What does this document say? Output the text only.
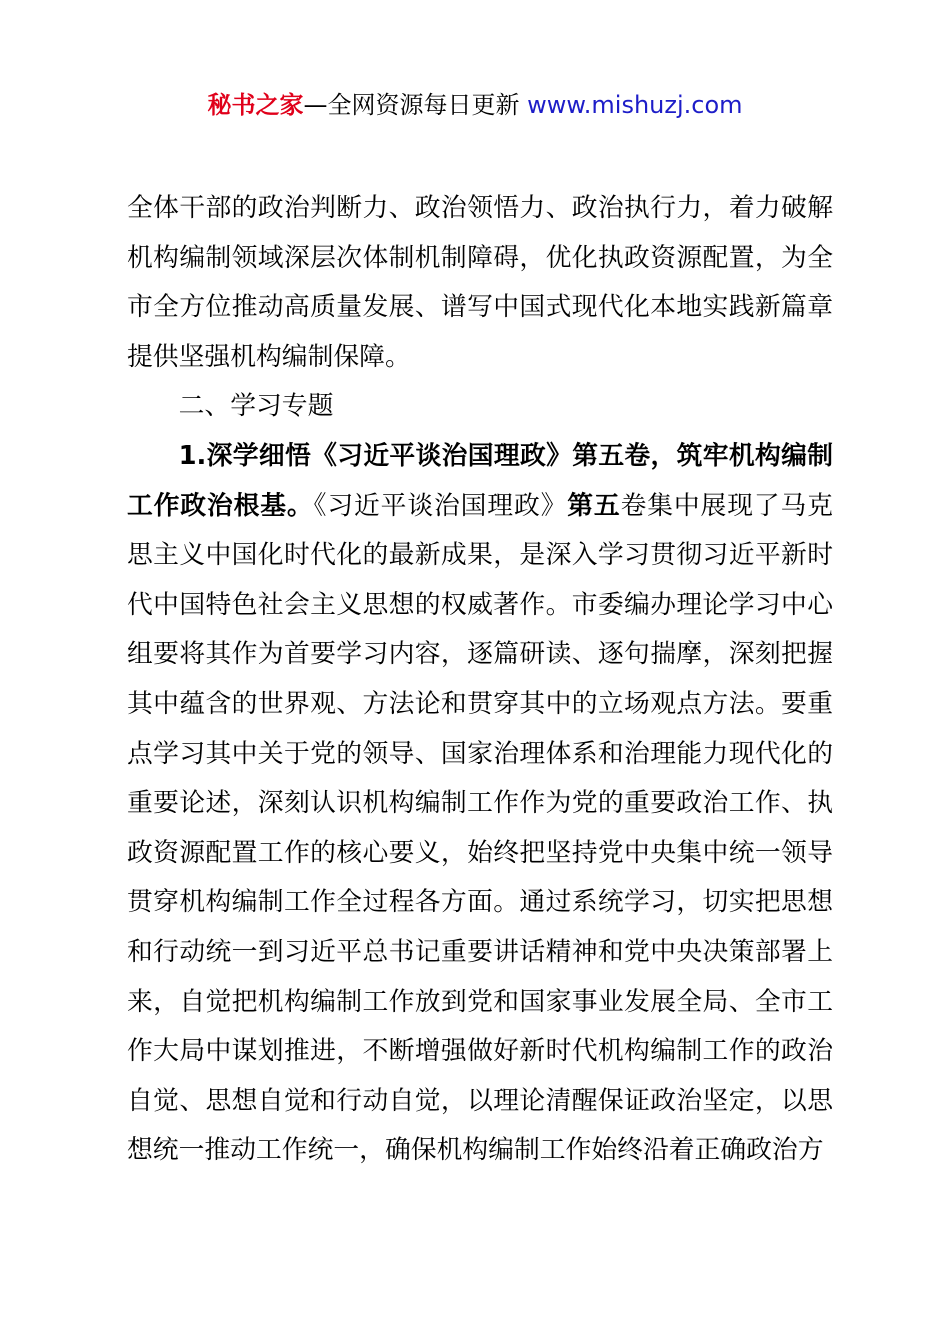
秘书之家—全网资源每日更新 www.mishuzj.com

全体干部的政治判断力、政治领悟力、政治执行力，着力破解机构编制领域深层次体制机制障碍，优化执政资源配置，为全市全方位推动高质量发展、谱写中国式现代化本地实践新篇章提供坚强机构编制保障。

二、学习专题

1.深学细悟《习近平谈治国理政》第五卷，筑牢机构编制工作政治根基。《习近平谈治国理政》第五卷集中展现了马克思主义中国化时代化的最新成果，是深入学习贯彻习近平新时代中国特色社会主义思想的权威著作。市委编办理论学习中心组要将其作为首要学习内容，逐篇研读、逐句揣摩，深刻把握其中蕴含的世界观、方法论和贯穿其中的立场观点方法。要重点学习其中关于党的领导、国家治理体系和治理能力现代化的重要论述，深刻认识机构编制工作作为党的重要政治工作、执政资源配置工作的核心要义，始终把坚持党中央集中统一领导贯穿机构编制工作全过程各方面。通过系统学习，切实把思想和行动统一到习近平总书记重要讲话精神和党中央决策部署上来，自觉把机构编制工作放到党和国家事业发展全局、全市工作大局中谋划推进，不断增强做好新时代机构编制工作的政治自觉、思想自觉和行动自觉，以理论清醒保证政治坚定，以思想统一推动工作统一，确保机构编制工作始终沿着正确政治方
